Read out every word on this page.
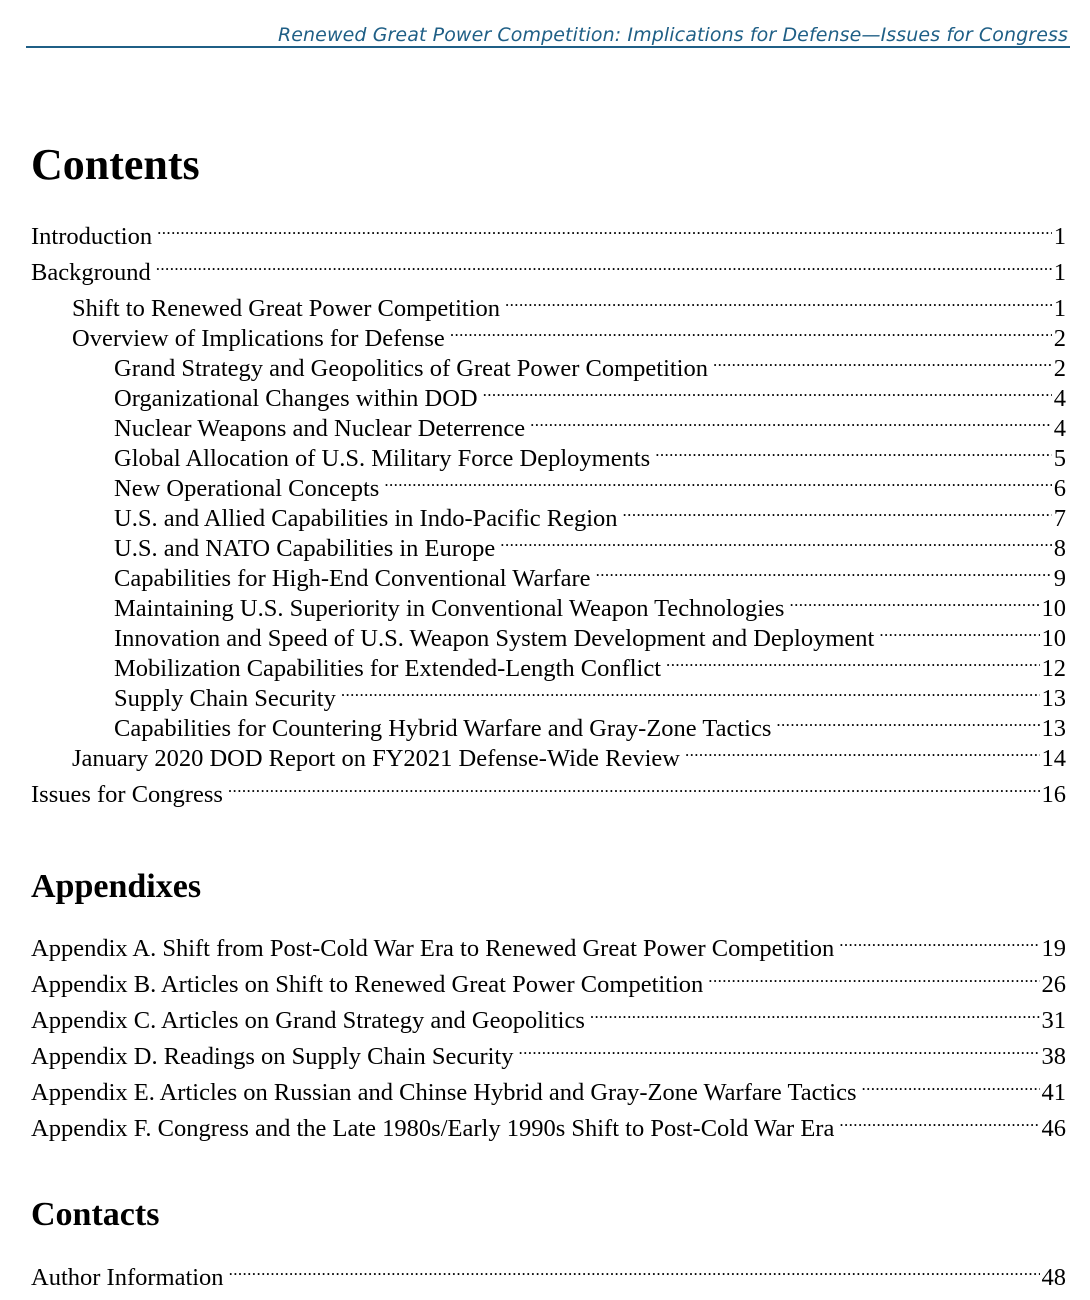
Renewed Great Power Competition: Implications for Defense—Issues for Congress
Contents
Introduction .....	1
Background .....	1
Shift to Renewed Great Power Competition .....	1
Overview of Implications for Defense .....	2
Grand Strategy and Geopolitics of Great Power Competition .....	2
Organizational Changes within DOD .....	4
Nuclear Weapons and Nuclear Deterrence .....	4
Global Allocation of U.S. Military Force Deployments .....	5
New Operational Concepts .....	6
U.S. and Allied Capabilities in Indo-Pacific Region .....	7
U.S. and NATO Capabilities in Europe .....	8
Capabilities for High-End Conventional Warfare .....	9
Maintaining U.S. Superiority in Conventional Weapon Technologies .....	10
Innovation and Speed of U.S. Weapon System Development and Deployment .....	10
Mobilization Capabilities for Extended-Length Conflict .....	12
Supply Chain Security .....	13
Capabilities for Countering Hybrid Warfare and Gray-Zone Tactics .....	13
January 2020 DOD Report on FY2021 Defense-Wide Review .....	14
Issues for Congress .....	16
Appendixes
Appendix A. Shift from Post-Cold War Era to Renewed Great Power Competition .....	19
Appendix B. Articles on Shift to Renewed Great Power Competition .....	26
Appendix C. Articles on Grand Strategy and Geopolitics .....	31
Appendix D. Readings on Supply Chain Security .....	38
Appendix E. Articles on Russian and Chinse Hybrid and Gray-Zone Warfare Tactics .....	41
Appendix F. Congress and the Late 1980s/Early 1990s Shift to Post-Cold War Era .....	46
Contacts
Author Information .....	48
